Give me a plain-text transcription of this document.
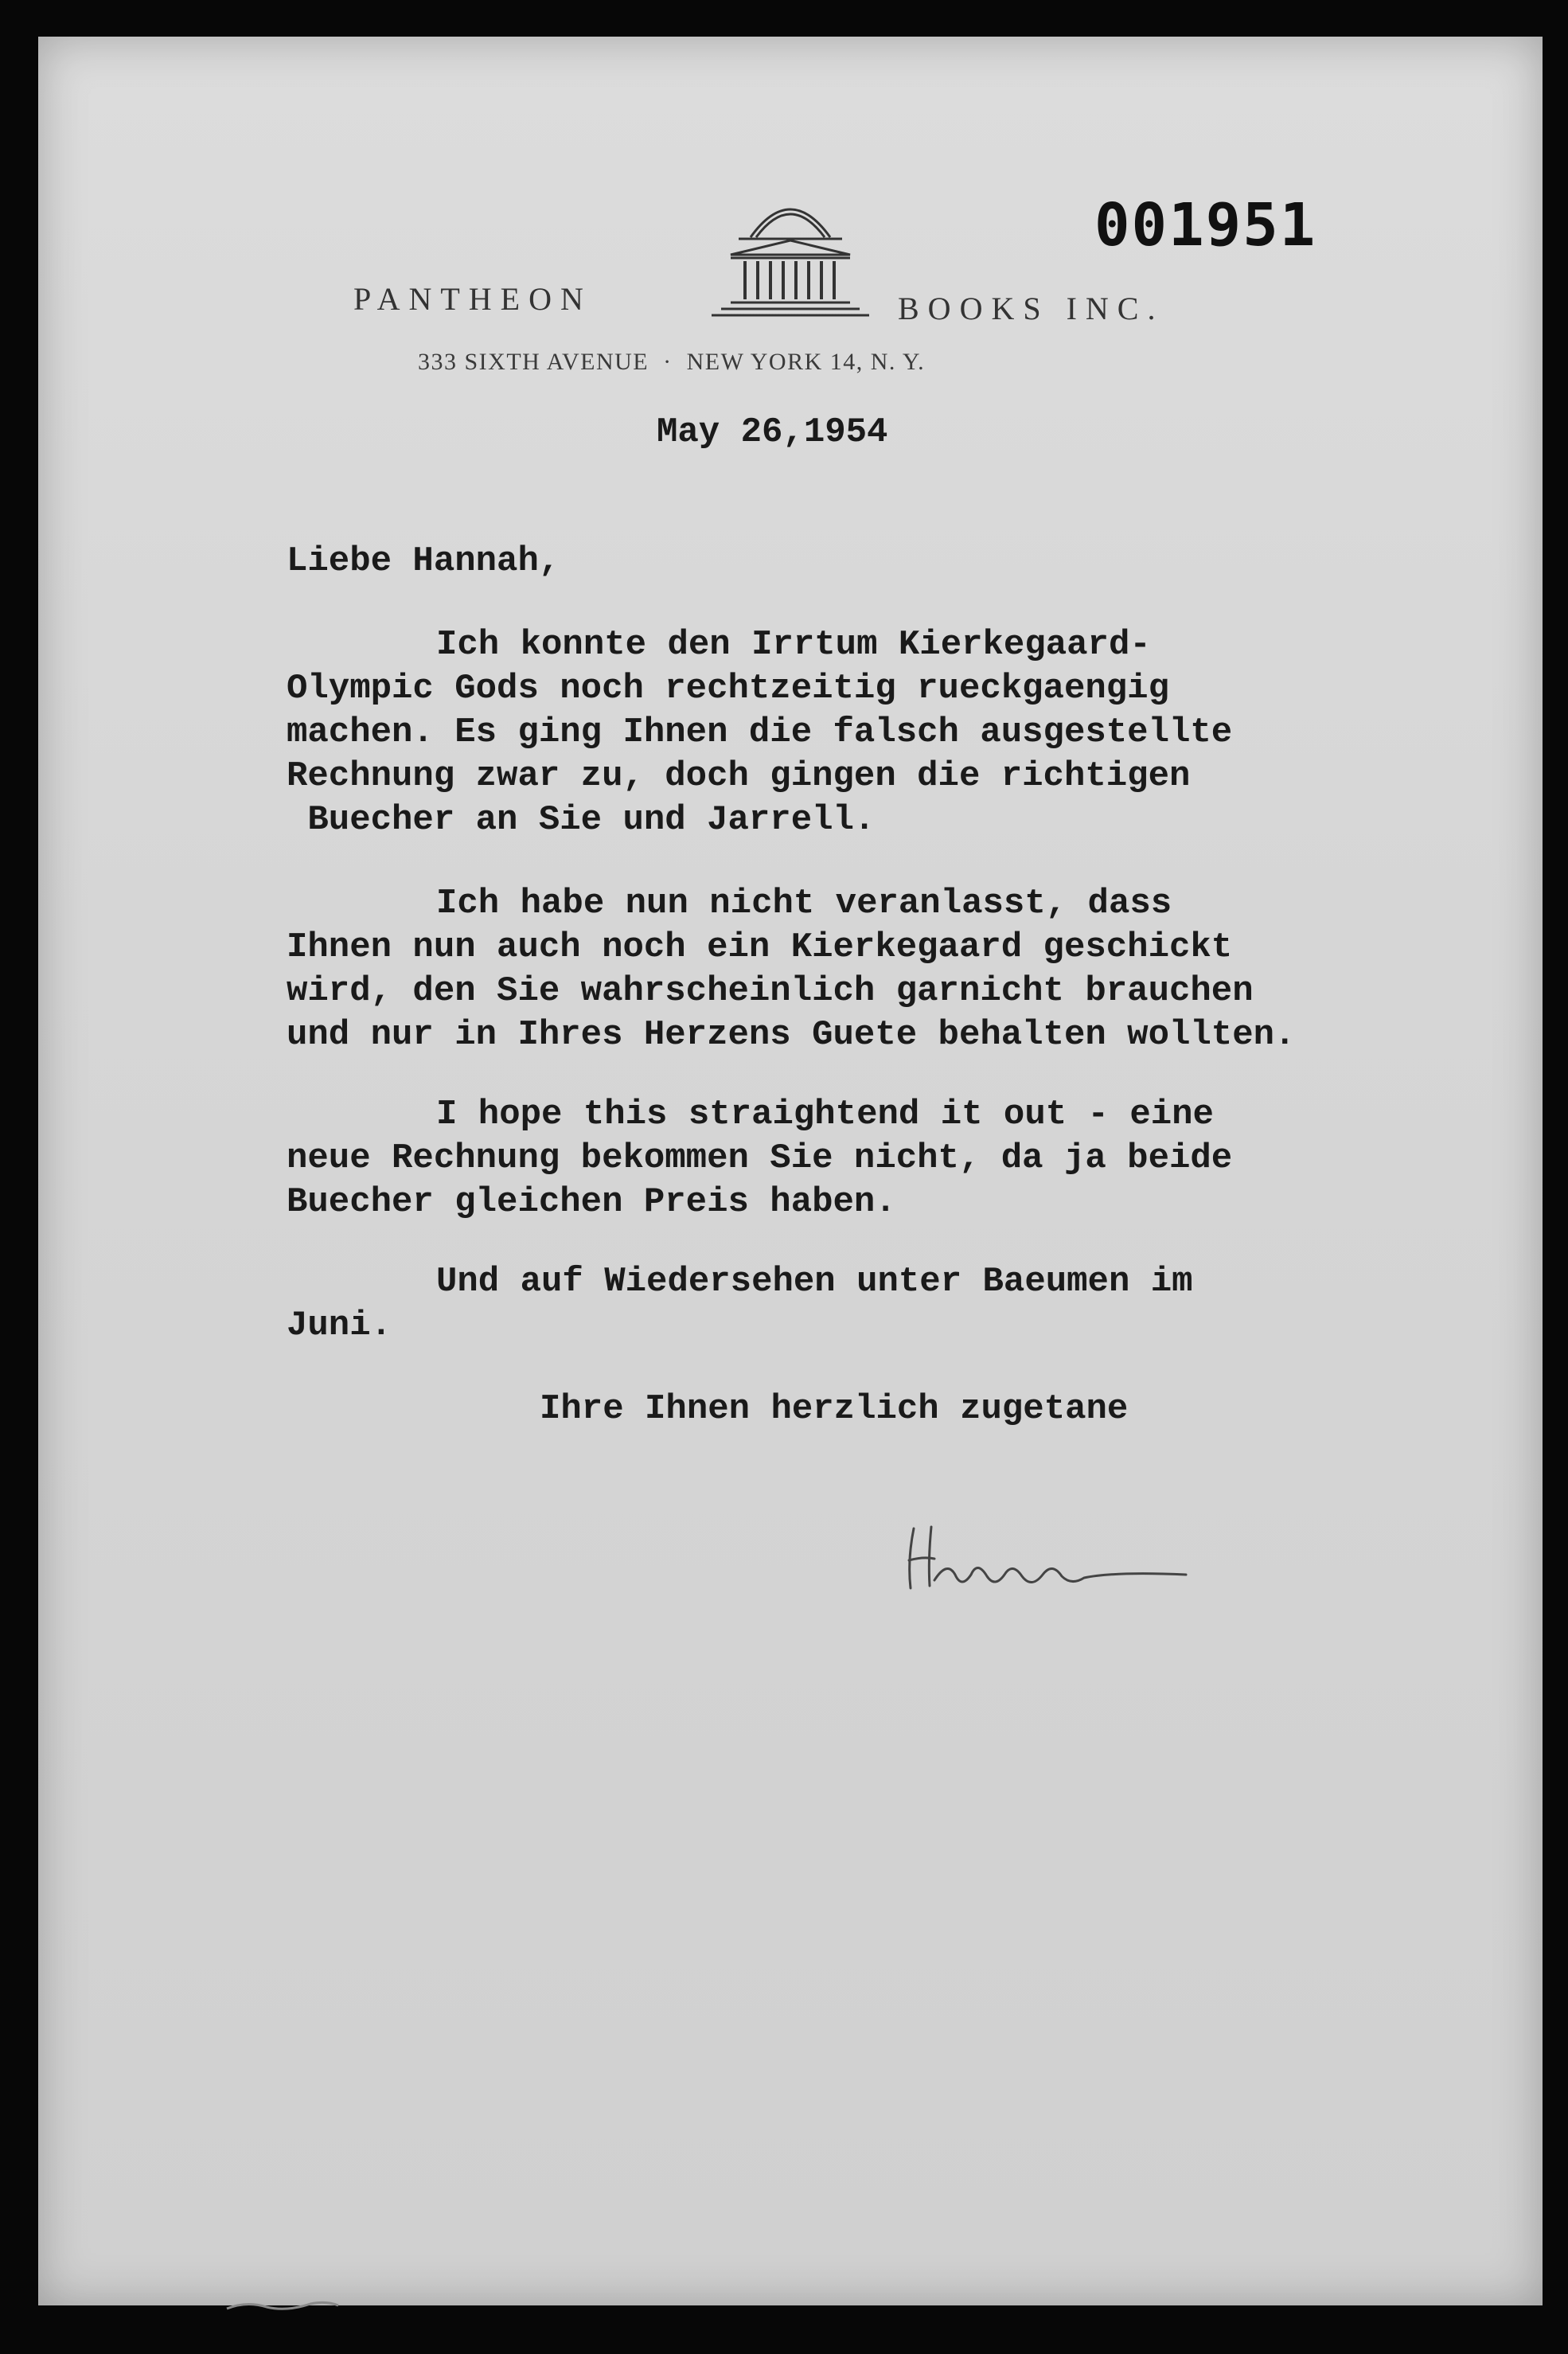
001951
PANTHEON	BOOKS INC.
333 SIXTH AVENUE  ·  NEW YORK 14, N. Y.
May 26,1954
Liebe Hannah,
Ich konnte den Irrtum Kierkegaard-
Olympic Gods noch rechtzeitig rueckgaengig
machen. Es ging Ihnen die falsch ausgestellte
Rechnung zwar zu, doch gingen die richtigen
Buecher an Sie und Jarrell.
Ich habe nun nicht veranlasst, dass
Ihnen nun auch noch ein Kierkegaard geschickt
wird, den Sie wahrscheinlich garnicht brauchen
und nur in Ihres Herzens Guete behalten wollten.
I hope this straightend it out - eine
neue Rechnung bekommen Sie nicht, da ja beide
Buecher gleichen Preis haben.
Und auf Wiedersehen unter Baeumen im
Juni.
Ihre Ihnen herzlich zugetane
